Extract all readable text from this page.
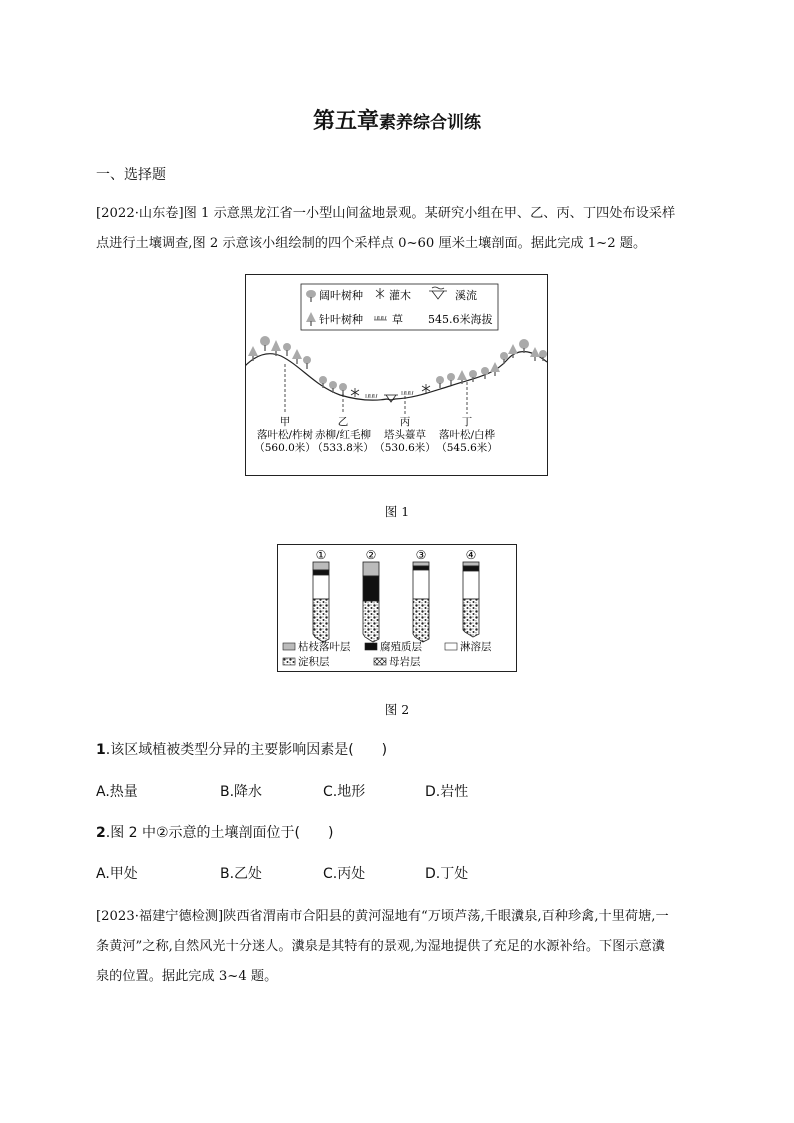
第五章素养综合训练
一、选择题
[2022·山东卷]图 1 示意黑龙江省一小型山间盆地景观。某研究小组在甲、乙、丙、丁四处布设采样
点进行土壤调查,图 2 示意该小组绘制的四个采样点 0~60 厘米土壤剖面。据此完成 1~2 题。
阔叶树种 灌木	溪流
针叶树种	草 545.6米海拔
甲
落叶松/柞树
（560.0米）
乙
赤柳/红毛柳
（533.8米）
丙
塔头薹草
（530.6米）
丁
落叶松/白桦
（545.6米）
图 1
①	②	③	④
枯枝落叶层	腐殖质层	淋溶层
淀积层	母岩层
图 2
1.该区域植被类型分异的主要影响因素是(　　)
A.热量	B.降水	C.地形	D.岩性
2.图 2 中②示意的土壤剖面位于(　　)
A.甲处	B.乙处	C.丙处	D.丁处
[2023·福建宁德检测]陕西省渭南市合阳县的黄河湿地有“万顷芦荡,千眼瀵泉,百种珍禽,十里荷塘,一
条黄河”之称,自然风光十分迷人。瀵泉是其特有的景观,为湿地提供了充足的水源补给。下图示意瀵
泉的位置。据此完成 3~4 题。
